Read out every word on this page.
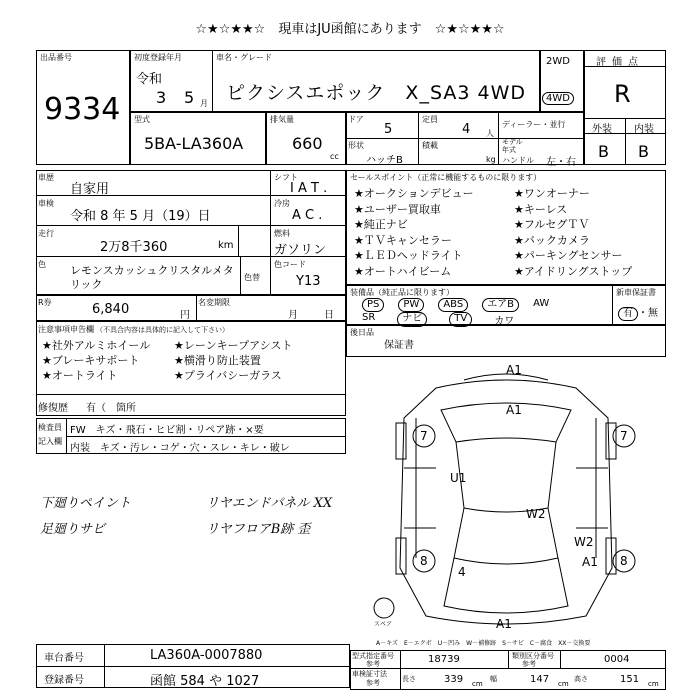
☆★☆★★☆　現車はJU函館にあります　☆★☆★★☆
出品番号
9334
初度登録年月
令和
3 5 月
車名・グレード
ピクシスエポック　X_SA3 4WD
2WD
4WD
評価点
R
外装 内装
B B
型式
5BA-LA360A
排気量
660
cc
ドア
5
定員
4 人
ディーラー・並行
形状
ハッチB
積載
kg
モデル年式
ハンドル 左・右
車歴
自家用
車検
令和 8 年 5 月（19）日
走行
2万8千360	km
シフト
I A T .
冷房
A C .
燃料
ガソリン
色 レモンスカッシュクリスタルメタリック
色替
色コード
Y13
R券	6,840	円
名変期限
月	日
セールスポイント（正常に機能するものに限ります）
★オークションデビュー	★ワンオーナー
★ユーザー買取車	★キーレス
★純正ナビ	★フルセグＴＶ
★ＴＶキャンセラー	★バックカメラ
★ＬＥＤヘッドライト	★パーキングセンサー
★オートハイビーム	★アイドリングストップ
装備品（純正品に限ります）
PS	PW	ABS	エアB	AW
SR	ナビ	TV	カワ
新車保証書
有 ・無
注意事項申告欄 （不具合内容は具体的に記入して下さい）
★社外アルミホイール	★レーンキープアシスト
★ブレーキサポート	★横滑り防止装置
★オートライト	★プライバシーガラス
修復歴 有（　箇所
後日品
保証書
検査員
記入欄
FW　キズ・飛石・ヒビ割・リペア跡・×要
内装　キズ・汚レ・コゲ・穴・スレ・キレ・破レ
下廻りペイント
足廻りサビ
リヤエンドパネル XX
リヤフロアB跡 歪
A1
A1
7	7
U1
W2
W2
A1
8	8
4
A1
スペア
A－キズ　E－エクボ　U－凹み　W－補修跡　S－サビ　C－腐食　XX－交換要
車台番号	LA360A-0007880
登録番号	函館 584 や 1027
型式指定番号
参考	18739	類別区分番号
参考	0004
車検証寸法
参考	長さ	339 cm
幅	147 cm
高さ	151 cm
